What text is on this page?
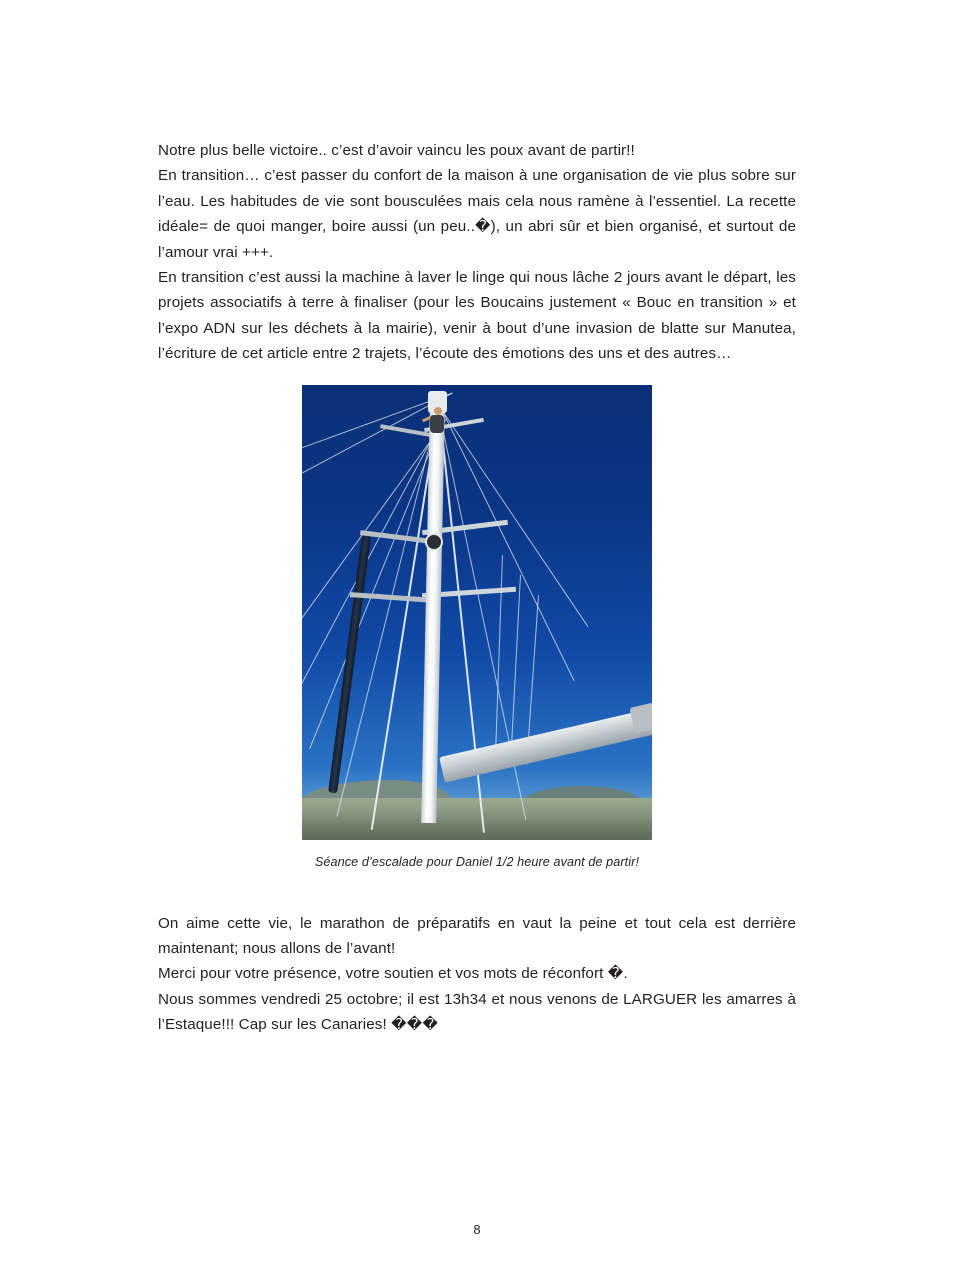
Notre plus belle victoire.. c’est d’avoir vaincu les poux avant de partir!!

En transition… c’est passer du confort de la maison à une organisation de vie plus sobre sur l’eau. Les habitudes de vie sont bousculées mais cela nous ramène à l’essentiel. La recette idéale= de quoi manger, boire aussi (un peu..�), un abri sûr et bien organisé, et surtout de l’amour vrai +++.

En transition c’est aussi la machine à laver le linge qui nous lâche 2 jours avant le départ, les projets associatifs à terre à finaliser (pour les Boucains justement « Bouc en transition » et l’expo ADN sur les déchets à la mairie), venir à bout d’une invasion de blatte sur Manutea, l’écriture de cet article entre 2 trajets, l’écoute des émotions des uns et des autres…

Séance d’escalade pour Daniel 1/2 heure avant de partir!

On aime cette vie, le marathon de préparatifs en vaut la peine et tout cela est derrière maintenant; nous allons de l’avant!

Merci pour votre présence, votre soutien et vos mots de réconfort �.

Nous sommes vendredi 25 octobre; il est 13h34 et nous venons de LARGUER les amarres à l’Estaque!!! Cap sur les Canaries! ���

8
